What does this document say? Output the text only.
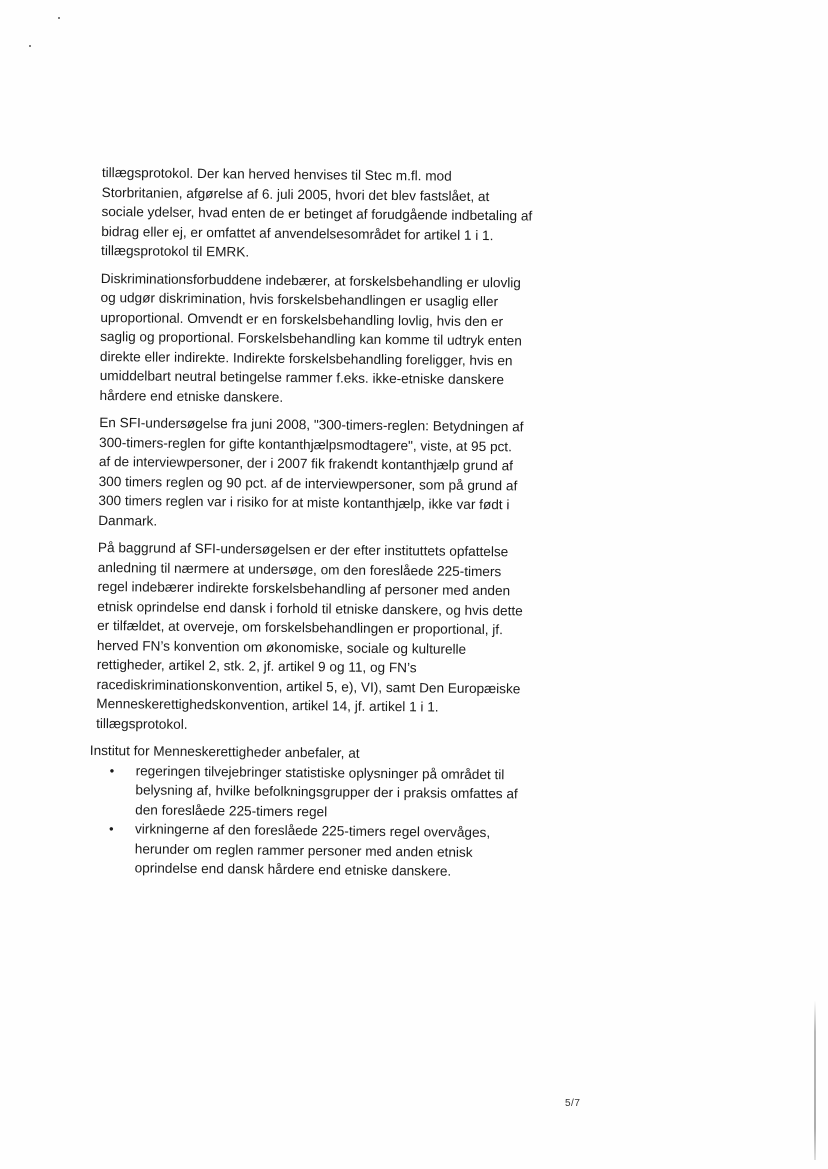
tillægsprotokol. Der kan herved henvises til Stec m.fl. mod
Storbritanien, afgørelse af 6. juli 2005, hvori det blev fastslået, at
sociale ydelser, hvad enten de er betinget af forudgående indbetaling af
bidrag eller ej, er omfattet af anvendelsesområdet for artikel 1 i 1.
tillægsprotokol til EMRK.

Diskriminationsforbuddene indebærer, at forskelsbehandling er ulovlig
og udgør diskrimination, hvis forskelsbehandlingen er usaglig eller
uproportional. Omvendt er en forskelsbehandling lovlig, hvis den er
saglig og proportional. Forskelsbehandling kan komme til udtryk enten
direkte eller indirekte. Indirekte forskelsbehandling foreligger, hvis en
umiddelbart neutral betingelse rammer f.eks. ikke-etniske danskere
hårdere end etniske danskere.

En SFI-undersøgelse fra juni 2008, "300-timers-reglen: Betydningen af
300-timers-reglen for gifte kontanthjælpsmodtagere", viste, at 95 pct.
af de interviewpersoner, der i 2007 fik frakendt kontanthjælp grund af
300 timers reglen og 90 pct. af de interviewpersoner, som på grund af
300 timers reglen var i risiko for at miste kontanthjælp, ikke var født i
Danmark.

På baggrund af SFI-undersøgelsen er der efter instituttets opfattelse
anledning til nærmere at undersøge, om den foreslåede 225-timers
regel indebærer indirekte forskelsbehandling af personer med anden
etnisk oprindelse end dansk i forhold til etniske danskere, og hvis dette
er tilfældet, at overveje, om forskelsbehandlingen er proportional, jf.
herved FN’s konvention om økonomiske, sociale og kulturelle
rettigheder, artikel 2, stk. 2, jf. artikel 9 og 11, og FN’s
racediskriminationskonvention, artikel 5, e), VI), samt Den Europæiske
Menneskerettighedskonvention, artikel 14, jf. artikel 1 i 1.
tillægsprotokol.

Institut for Menneskerettigheder anbefaler, at
• regeringen tilvejebringer statistiske oplysninger på området til
belysning af, hvilke befolkningsgrupper der i praksis omfattes af
den foreslåede 225-timers regel
• virkningerne af den foreslåede 225-timers regel overvåges,
herunder om reglen rammer personer med anden etnisk
oprindelse end dansk hårdere end etniske danskere.
5/7
